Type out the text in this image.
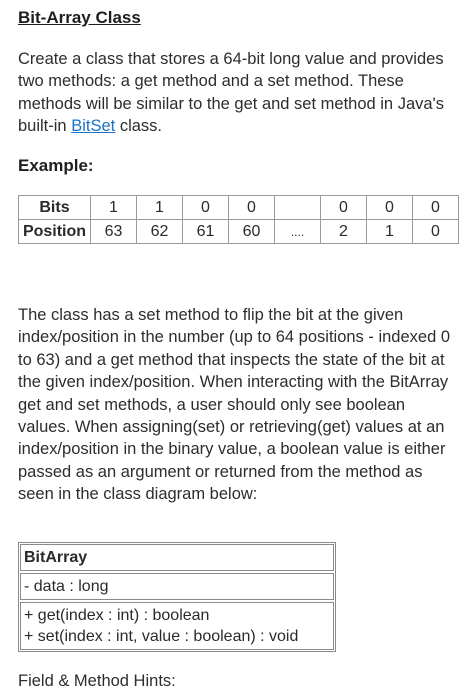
Bit-Array Class
Create a class that stores a 64-bit long value and provides two methods: a get method and a set method. These methods will be similar to the get and set method in Java's built-in BitSet class.
Example:
Bits	1	1	0	0		0	0	0
Position	63	62	61	60	....	2	1	0
The class has a set method to flip the bit at the given index/position in the number (up to 64 positions - indexed 0 to 63) and a get method that inspects the state of the bit at the given index/position. When interacting with the BitArray get and set methods, a user should only see boolean values. When assigning(set) or retrieving(get) values at an index/position in the binary value, a boolean value is either passed as an argument or returned from the method as seen in the class diagram below:
BitArray
- data : long
+ get(index : int) : boolean
+ set(index : int, value : boolean) : void
Field & Method Hints:
